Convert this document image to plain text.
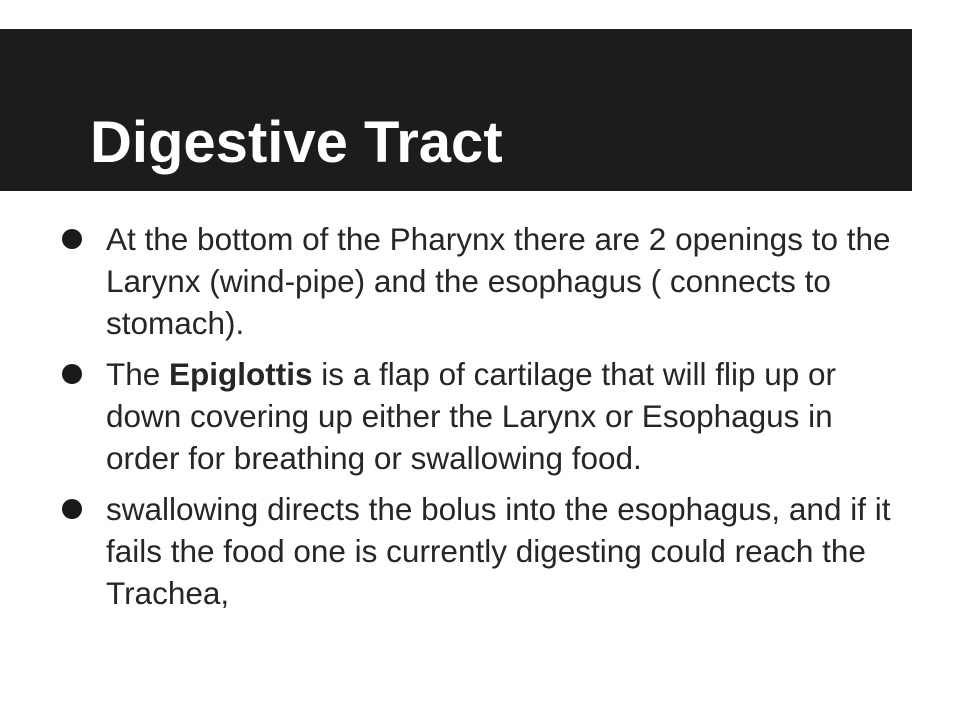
Digestive Tract
At the bottom of the Pharynx there are 2 openings to the Larynx (wind-pipe) and the esophagus ( connects to stomach).
The Epiglottis is a flap of cartilage that will flip up or down covering up either the Larynx or Esophagus in order for breathing or swallowing food.
swallowing directs the bolus into the esophagus, and if it fails the food one is currently digesting could reach the Trachea,
